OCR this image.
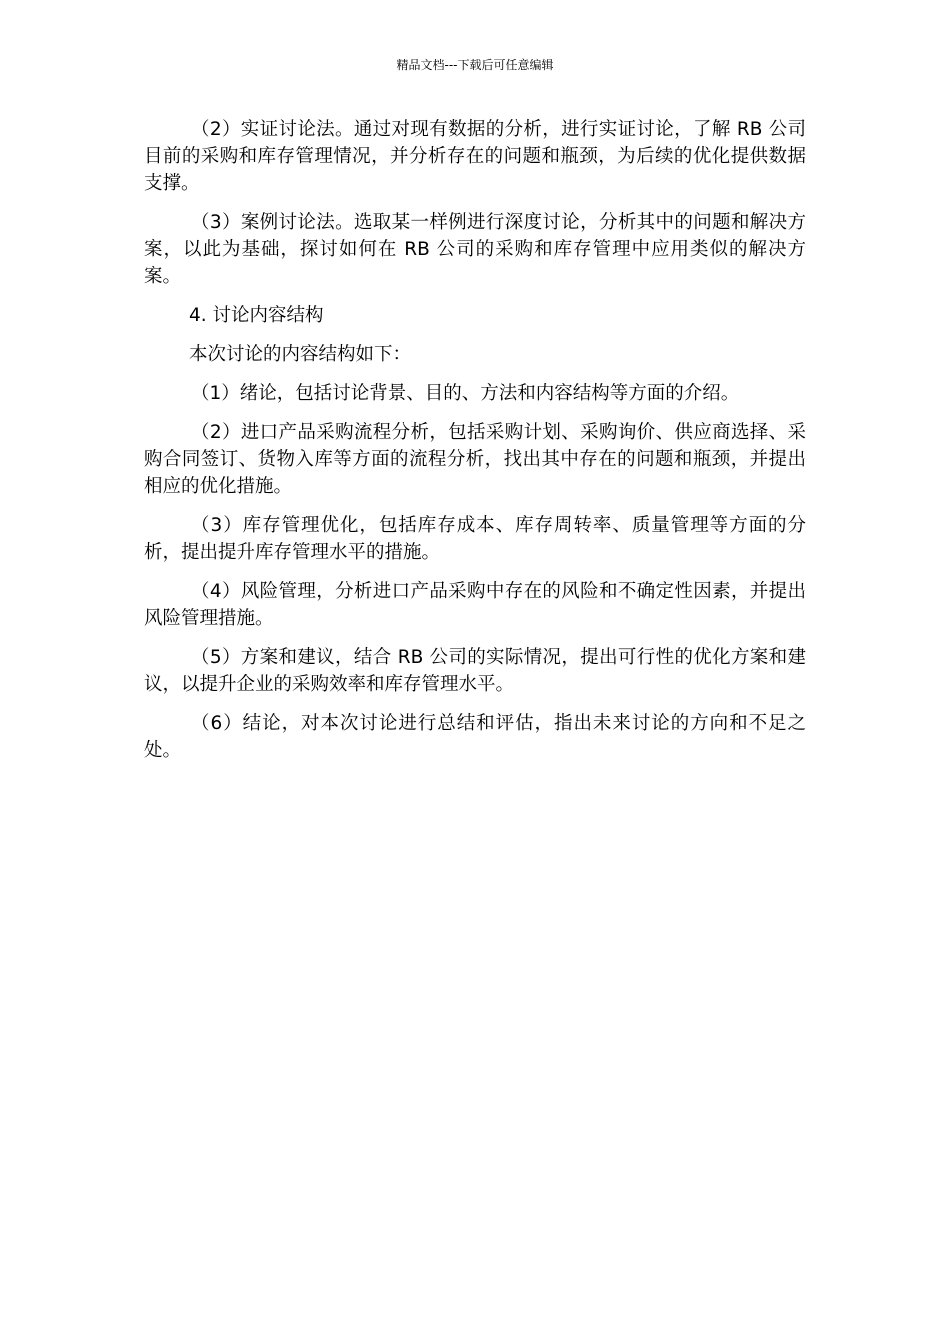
精品文档---下载后可任意编辑

（2）实证讨论法。通过对现有数据的分析，进行实证讨论，了解 RB 公司目前的采购和库存管理情况，并分析存在的问题和瓶颈，为后续的优化提供数据支撑。

（3）案例讨论法。选取某一样例进行深度讨论，分析其中的问题和解决方案，以此为基础，探讨如何在 RB 公司的采购和库存管理中应用类似的解决方案。

4. 讨论内容结构

本次讨论的内容结构如下：

（1）绪论，包括讨论背景、目的、方法和内容结构等方面的介绍。

（2）进口产品采购流程分析，包括采购计划、采购询价、供应商选择、采购合同签订、货物入库等方面的流程分析，找出其中存在的问题和瓶颈，并提出相应的优化措施。

（3）库存管理优化，包括库存成本、库存周转率、质量管理等方面的分析，提出提升库存管理水平的措施。

（4）风险管理，分析进口产品采购中存在的风险和不确定性因素，并提出风险管理措施。

（5）方案和建议，结合 RB 公司的实际情况，提出可行性的优化方案和建议，以提升企业的采购效率和库存管理水平。

（6）结论，对本次讨论进行总结和评估，指出未来讨论的方向和不足之处。
